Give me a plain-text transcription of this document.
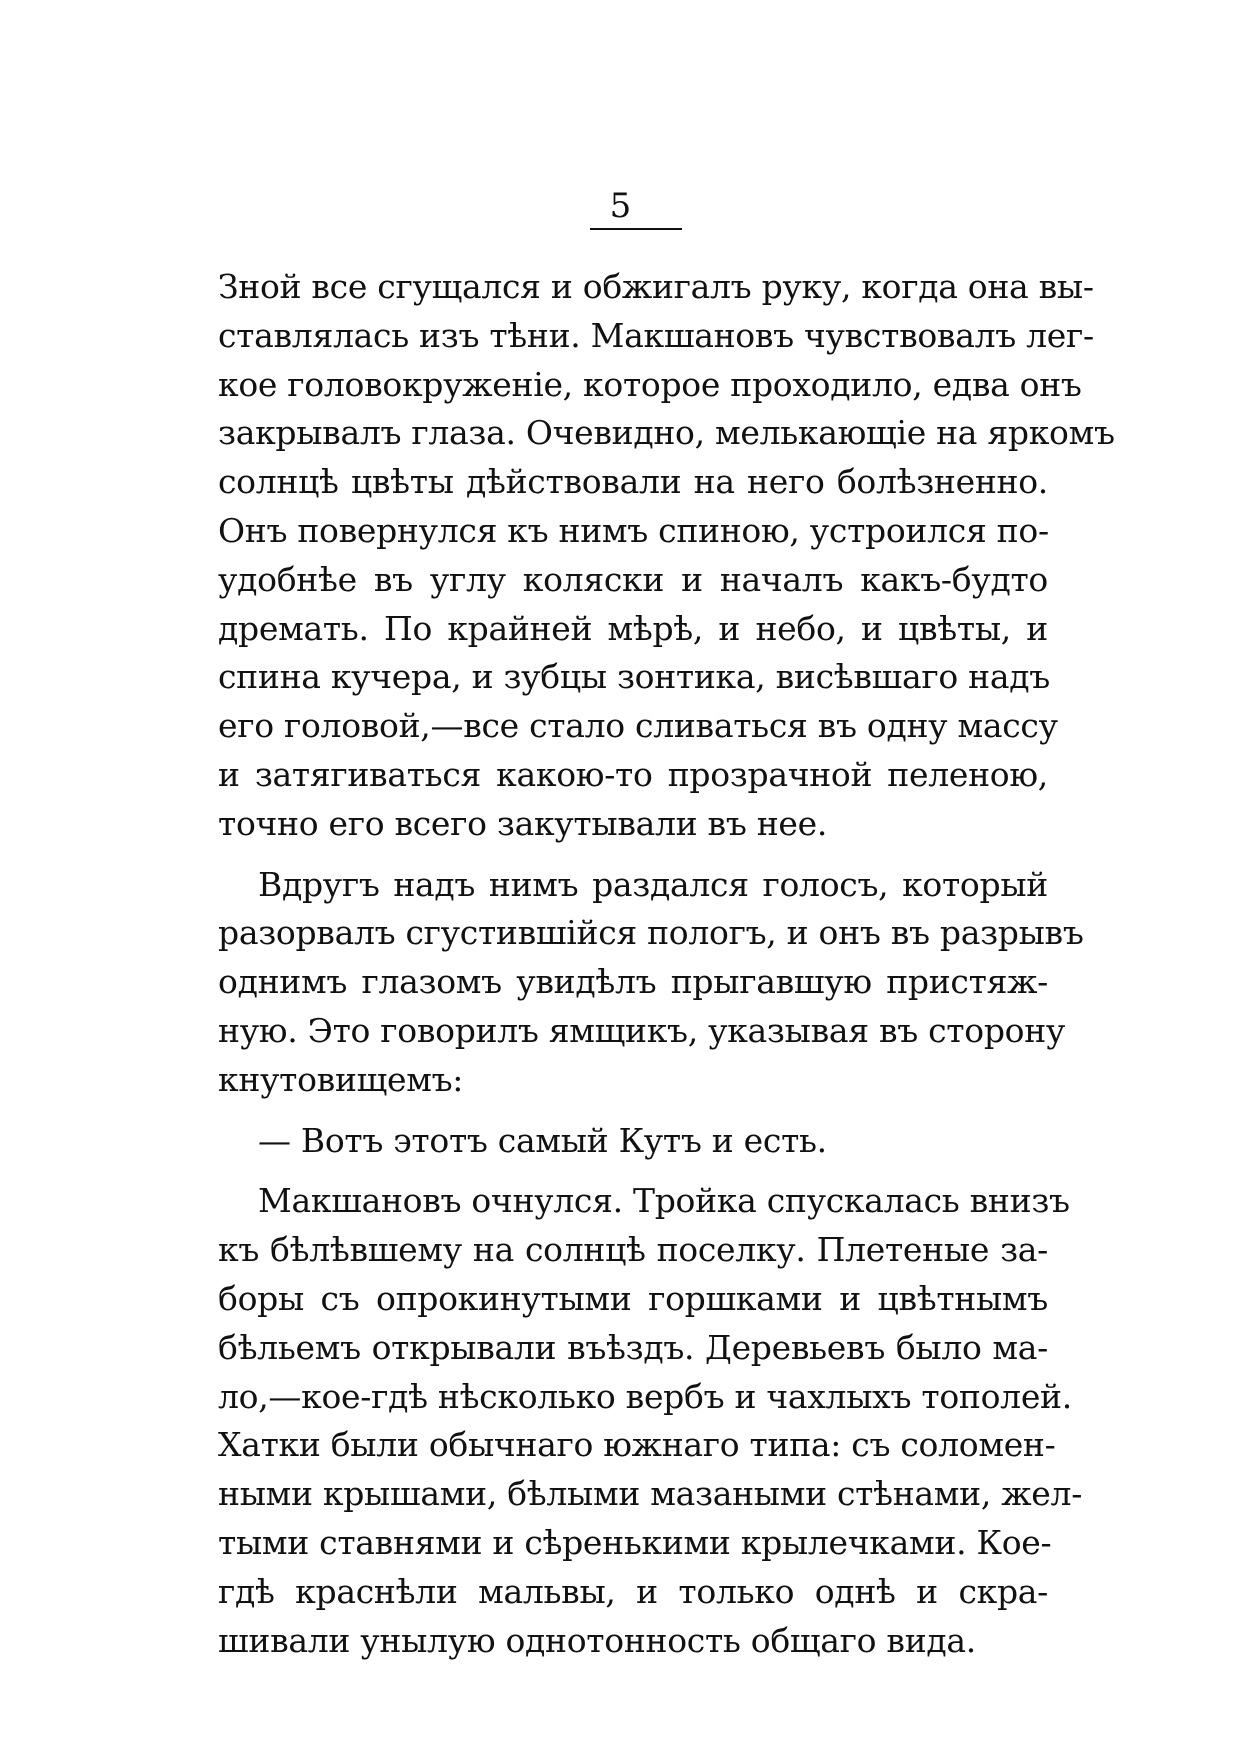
5
Зной все сгущался и обжигалъ руку, когда она вы-
ставлялась изъ тѣни. Макшановъ чувствовалъ лег-
кое головокруженіе, которое проходило, едва онъ
закрывалъ глаза. Очевидно, мелькающіе на яркомъ
солнцѣ цвѣты дѣйствовали на него болѣзненно.
Онъ повернулся къ нимъ спиною, устроился по-
удобнѣе въ углу коляски и началъ какъ-будто
дремать. По крайней мѣрѣ, и небо, и цвѣты, и
спина кучера, и зубцы зонтика, висѣвшаго надъ
его головой,—все стало сливаться въ одну массу
и затягиваться какою-то прозрачной пеленою,
точно его всего закутывали въ нее.
Вдругъ надъ нимъ раздался голосъ, который
разорвалъ сгустившійся пологъ, и онъ въ разрывъ
однимъ глазомъ увидѣлъ прыгавшую пристяж-
ную. Это говорилъ ямщикъ, указывая въ сторону
кнутовищемъ:
— Вотъ этотъ самый Кутъ и есть.
Макшановъ очнулся. Тройка спускалась внизъ
къ бѣлѣвшему на солнцѣ поселку. Плетеные за-
боры съ опрокинутыми горшками и цвѣтнымъ
бѣльемъ открывали въѣздъ. Деревьевъ было ма-
ло,—кое-гдѣ нѣсколько вербъ и чахлыхъ тополей.
Хатки были обычнаго южнаго типа: съ соломен-
ными крышами, бѣлыми мазаными стѣнами, жел-
тыми ставнями и сѣренькими крылечками. Кое-
гдѣ краснѣли мальвы, и только однѣ и скра-
шивали унылую однотонность общаго вида.
